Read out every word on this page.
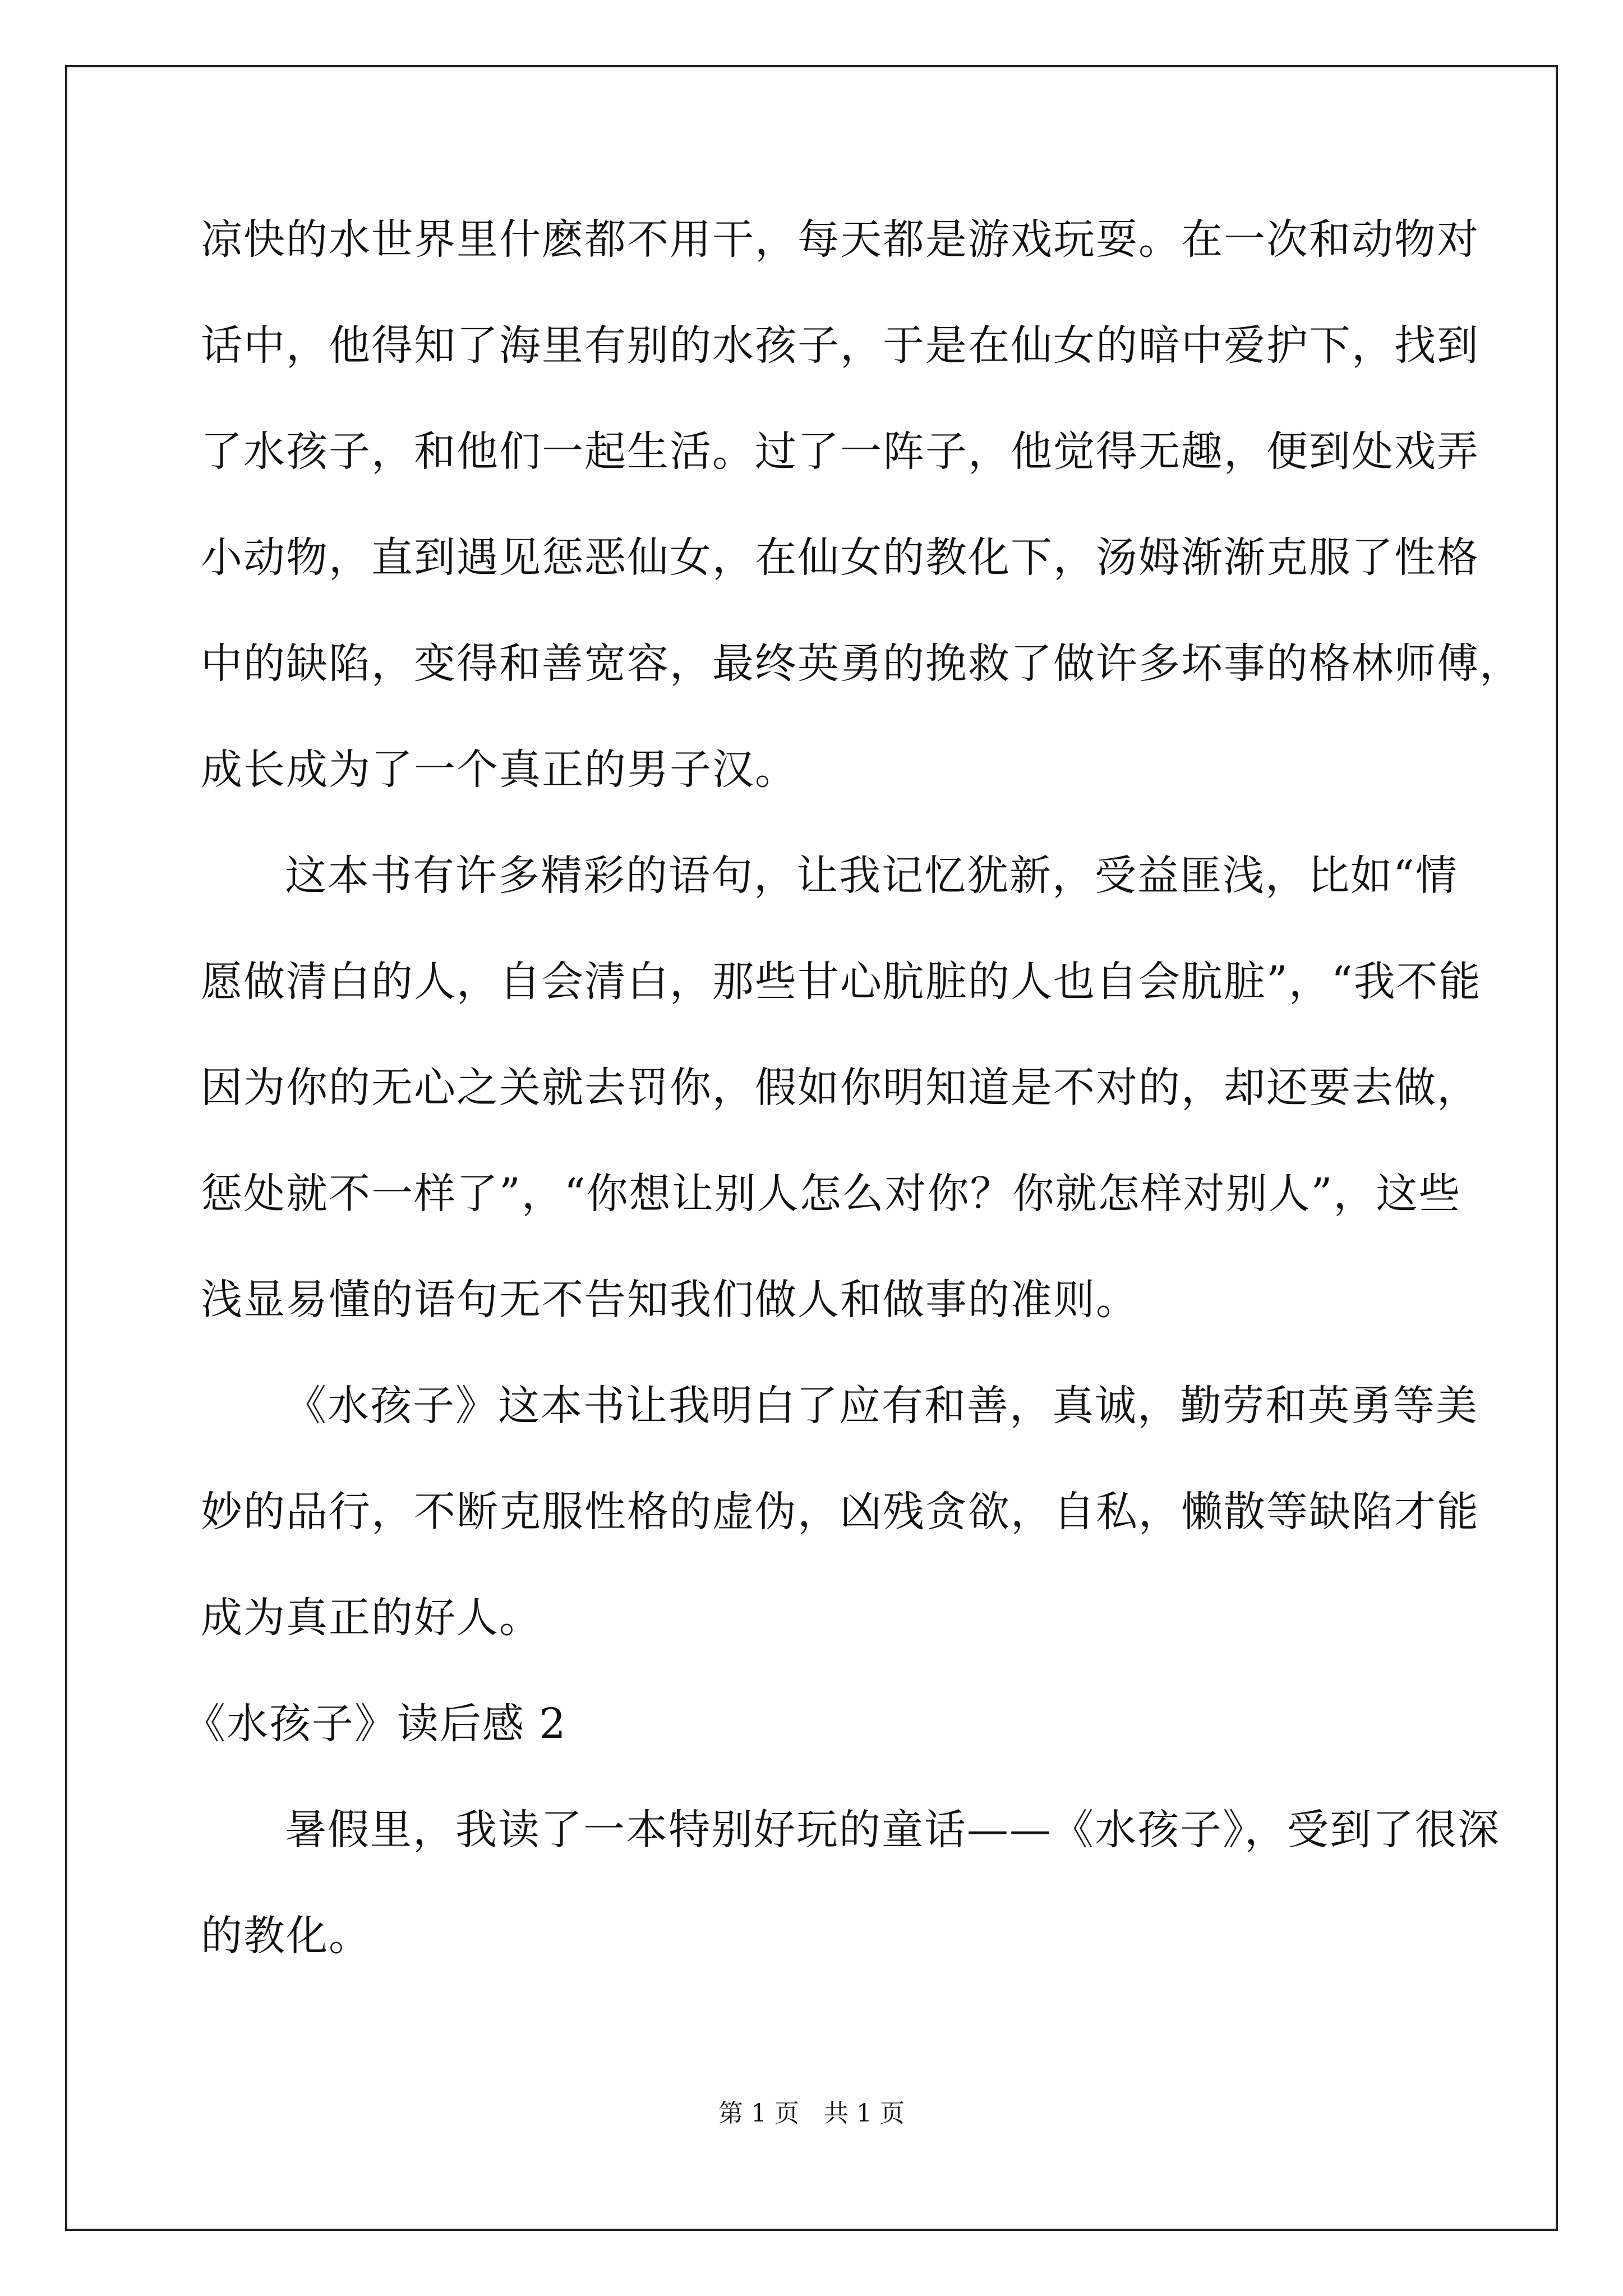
凉快的水世界里什麽都不用干，每天都是游戏玩耍。在一次和动物对
话中，他得知了海里有别的水孩子，于是在仙女的暗中爱护下，找到
了水孩子，和他们一起生活。过了一阵子，他觉得无趣，便到处戏弄
小动物，直到遇见惩恶仙女，在仙女的教化下，汤姆渐渐克服了性格
中的缺陷，变得和善宽容，最终英勇的挽救了做许多坏事的格林师傅，
成长成为了一个真正的男子汉。
这本书有许多精彩的语句，让我记忆犹新，受益匪浅，比如“情
愿做清白的人，自会清白，那些甘心肮脏的人也自会肮脏”，“我不能
因为你的无心之关就去罚你，假如你明知道是不对的，却还要去做，
惩处就不一样了”，“你想让别人怎么对你？你就怎样对别人”，这些
浅显易懂的语句无不告知我们做人和做事的准则。
《水孩子》这本书让我明白了应有和善，真诚，勤劳和英勇等美
妙的品行，不断克服性格的虚伪，凶残贪欲，自私，懒散等缺陷才能
成为真正的好人。
《水孩子》读后感 2
暑假里，我读了一本特别好玩的童话——《水孩子》，受到了很深
的教化。
第 1 页　共 1 页
